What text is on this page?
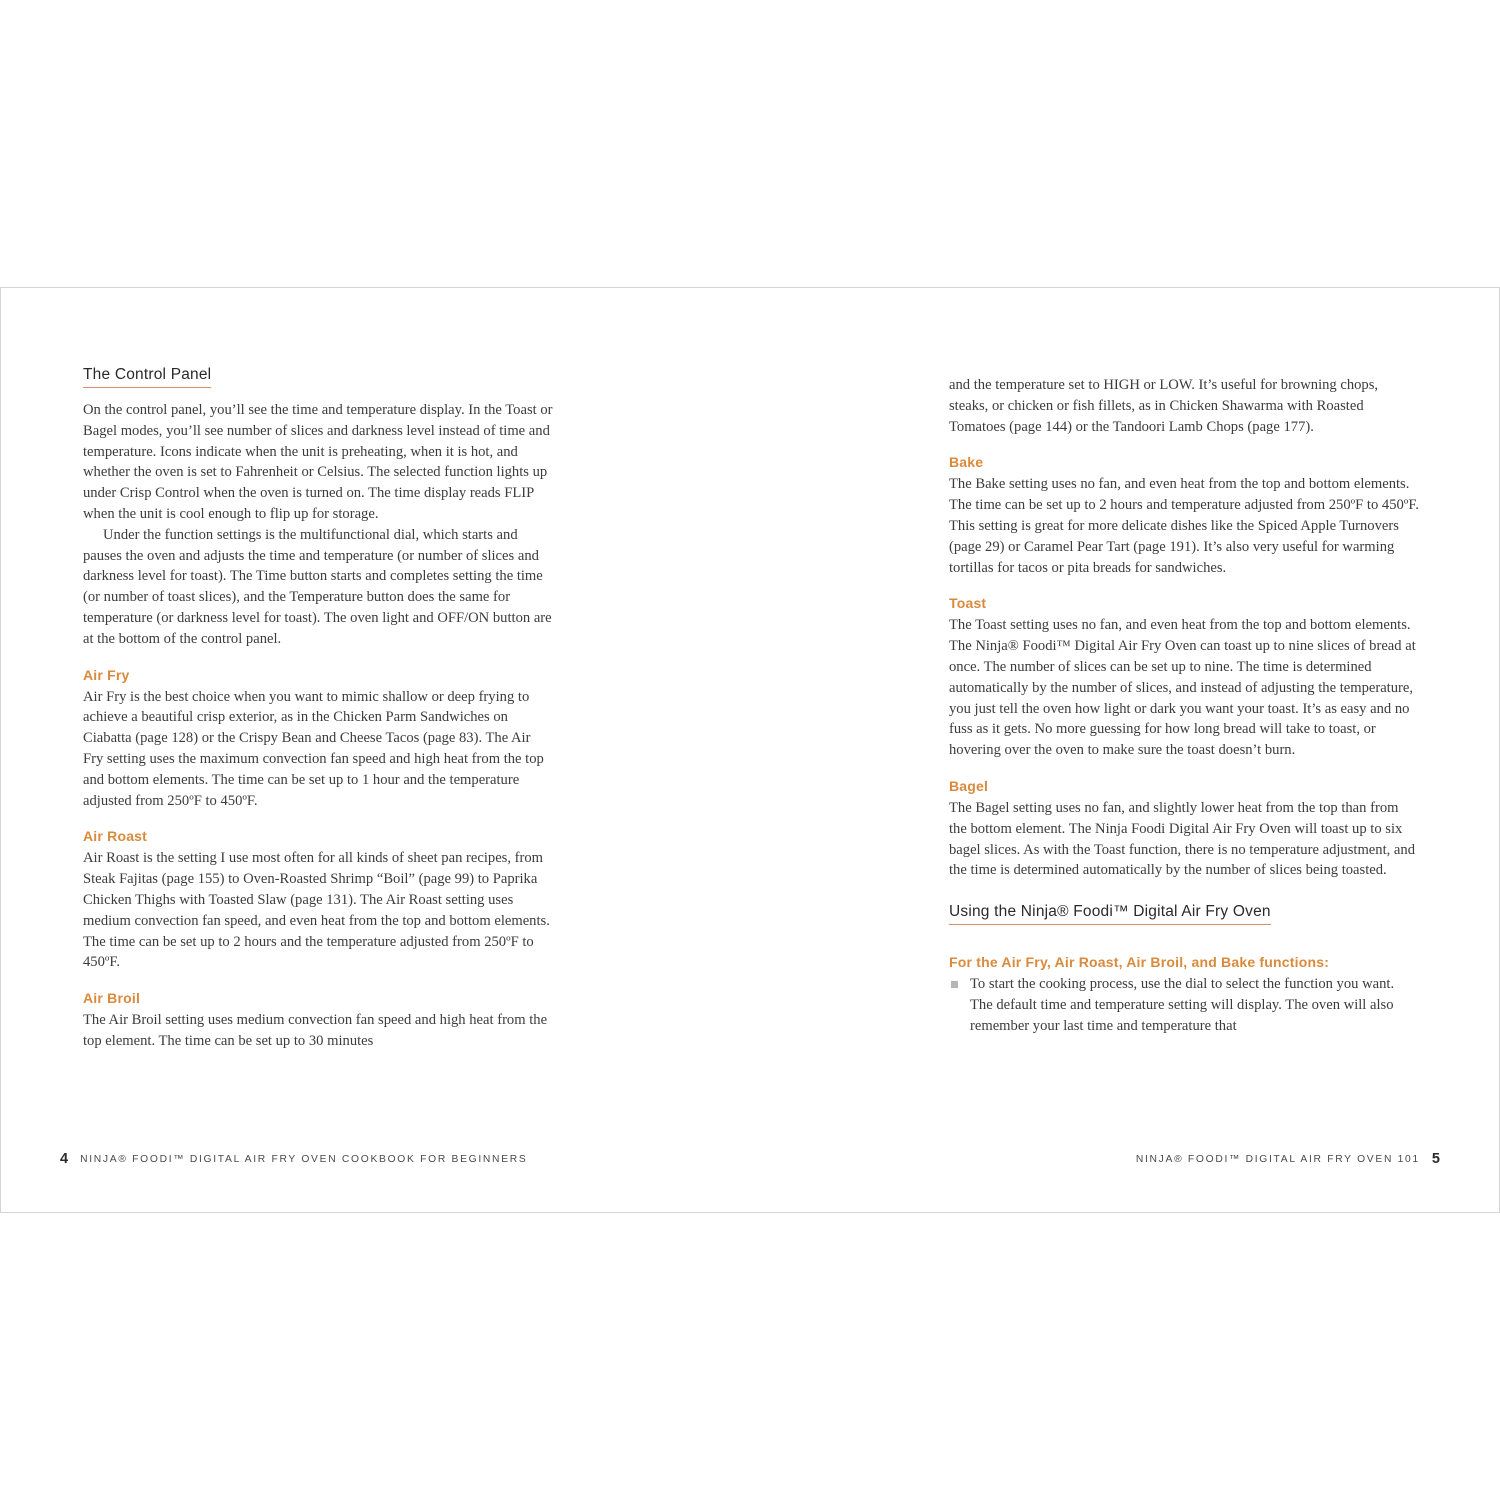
The Control Panel

On the control panel, you’ll see the time and temperature display. In the Toast or Bagel modes, you’ll see number of slices and darkness level instead of time and temperature. Icons indicate when the unit is preheating, when it is hot, and whether the oven is set to Fahrenheit or Celsius. The selected function lights up under Crisp Control when the oven is turned on. The time display reads FLIP when the unit is cool enough to flip up for storage.

Under the function settings is the multifunctional dial, which starts and pauses the oven and adjusts the time and temperature (or number of slices and darkness level for toast). The Time button starts and completes setting the time (or number of toast slices), and the Temperature button does the same for temperature (or darkness level for toast). The oven light and OFF/ON button are at the bottom of the control panel.

Air Fry

Air Fry is the best choice when you want to mimic shallow or deep frying to achieve a beautiful crisp exterior, as in the Chicken Parm Sandwiches on Ciabatta (page 128) or the Crispy Bean and Cheese Tacos (page 83). The Air Fry setting uses the maximum convection fan speed and high heat from the top and bottom elements. The time can be set up to 1 hour and the temperature adjusted from 250ºF to 450ºF.

Air Roast

Air Roast is the setting I use most often for all kinds of sheet pan recipes, from Steak Fajitas (page 155) to Oven-Roasted Shrimp “Boil” (page 99) to Paprika Chicken Thighs with Toasted Slaw (page 131). The Air Roast setting uses medium convection fan speed, and even heat from the top and bottom elements. The time can be set up to 2 hours and the temperature adjusted from 250ºF to 450ºF.

Air Broil

The Air Broil setting uses medium convection fan speed and high heat from the top element. The time can be set up to 30 minutes

and the temperature set to HIGH or LOW. It’s useful for browning chops, steaks, or chicken or fish fillets, as in Chicken Shawarma with Roasted Tomatoes (page 144) or the Tandoori Lamb Chops (page 177).

Bake

The Bake setting uses no fan, and even heat from the top and bottom elements. The time can be set up to 2 hours and temperature adjusted from 250ºF to 450ºF. This setting is great for more delicate dishes like the Spiced Apple Turnovers (page 29) or Caramel Pear Tart (page 191). It’s also very useful for warming tortillas for tacos or pita breads for sandwiches.

Toast

The Toast setting uses no fan, and even heat from the top and bottom elements. The Ninja® Foodi™ Digital Air Fry Oven can toast up to nine slices of bread at once. The number of slices can be set up to nine. The time is determined automatically by the number of slices, and instead of adjusting the temperature, you just tell the oven how light or dark you want your toast. It’s as easy and no fuss as it gets. No more guessing for how long bread will take to toast, or hovering over the oven to make sure the toast doesn’t burn.

Bagel

The Bagel setting uses no fan, and slightly lower heat from the top than from the bottom element. The Ninja Foodi Digital Air Fry Oven will toast up to six bagel slices. As with the Toast function, there is no temperature adjustment, and the time is determined automatically by the number of slices being toasted.

Using the Ninja® Foodi™ Digital Air Fry Oven
For the Air Fry, Air Roast, Air Broil, and Bake functions:

To start the cooking process, use the dial to select the function you want. The default time and temperature setting will display. The oven will also remember your last time and temperature that

4 NINJA® FOODI™ DIGITAL AIR FRY OVEN COOKBOOK FOR BEGINNERS	NINJA® FOODI™ DIGITAL AIR FRY OVEN 101 5
